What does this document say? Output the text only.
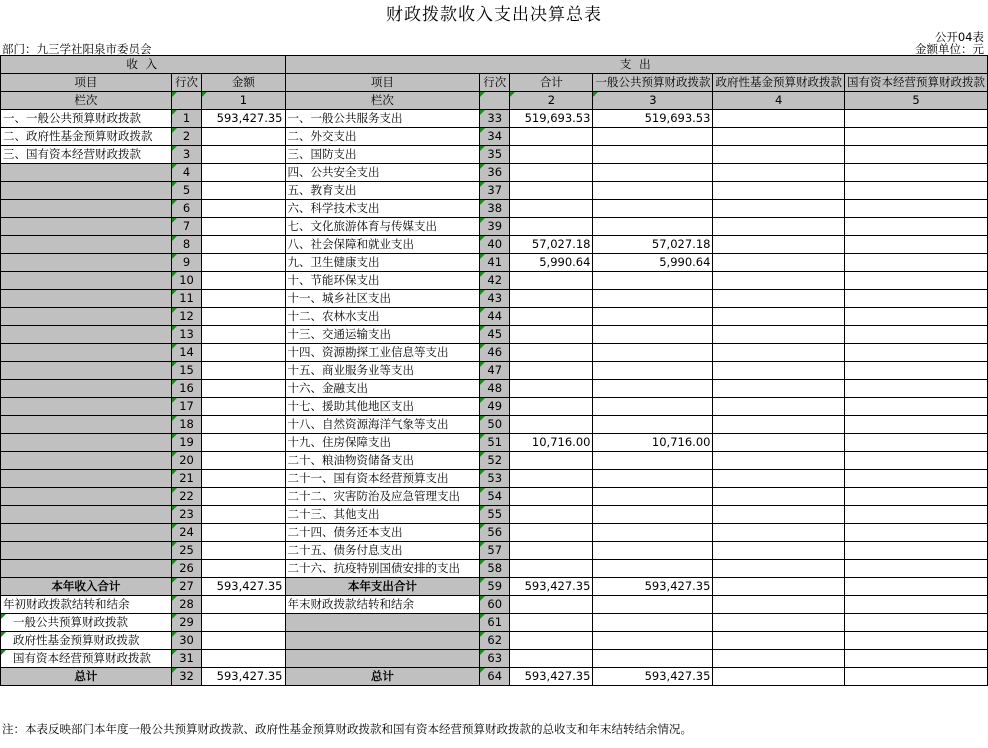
财政拨款收入支出决算总表
公开04表
部门：九三学社阳泉市委员会	金额单位：元
收 入			支 出					
项目	行次	金额	项目	行次	合计	一般公共预算财政拨款	政府性基金预算财政拨款	国有资本经营预算财政拨款
栏次		1	栏次		2	3	4	5
一、一般公共预算财政拨款	1	593,427.35	一、一般公共服务支出	33	519,693.53	519,693.53		
二、政府性基金预算财政拨款	2		二、外交支出	34				
三、国有资本经营财政拨款	3		三、国防支出	35				
	4		四、公共安全支出	36				
	5		五、教育支出	37				
	6		六、科学技术支出	38				
	7		七、文化旅游体育与传媒支出	39				
	8		八、社会保障和就业支出	40	57,027.18	57,027.18		
	9		九、卫生健康支出	41	5,990.64	5,990.64		
	10		十、节能环保支出	42				
	11		十一、城乡社区支出	43				
	12		十二、农林水支出	44				
	13		十三、交通运输支出	45				
	14		十四、资源勘探工业信息等支出	46				
	15		十五、商业服务业等支出	47				
	16		十六、金融支出	48				
	17		十七、援助其他地区支出	49				
	18		十八、自然资源海洋气象等支出	50				
	19		十九、住房保障支出	51	10,716.00	10,716.00		
	20		二十、粮油物资储备支出	52				
	21		二十一、国有资本经营预算支出	53				
	22		二十二、灾害防治及应急管理支出	54				
	23		二十三、其他支出	55				
	24		二十四、债务还本支出	56				
	25		二十五、债务付息支出	57				
	26		二十六、抗疫特别国债安排的支出	58				
本年收入合计	27	593,427.35	本年支出合计	59	593,427.35	593,427.35		
年初财政拨款结转和结余	28		年末财政拨款结转和结余	60				
一般公共预算财政拨款	29			61				
政府性基金预算财政拨款	30			62				
国有资本经营预算财政拨款	31			63				
总计	32	593,427.35	总计	64	593,427.35	593,427.35		
注：本表反映部门本年度一般公共预算财政拨款、政府性基金预算财政拨款和国有资本经营预算财政拨款的总收支和年末结转结余情况。
